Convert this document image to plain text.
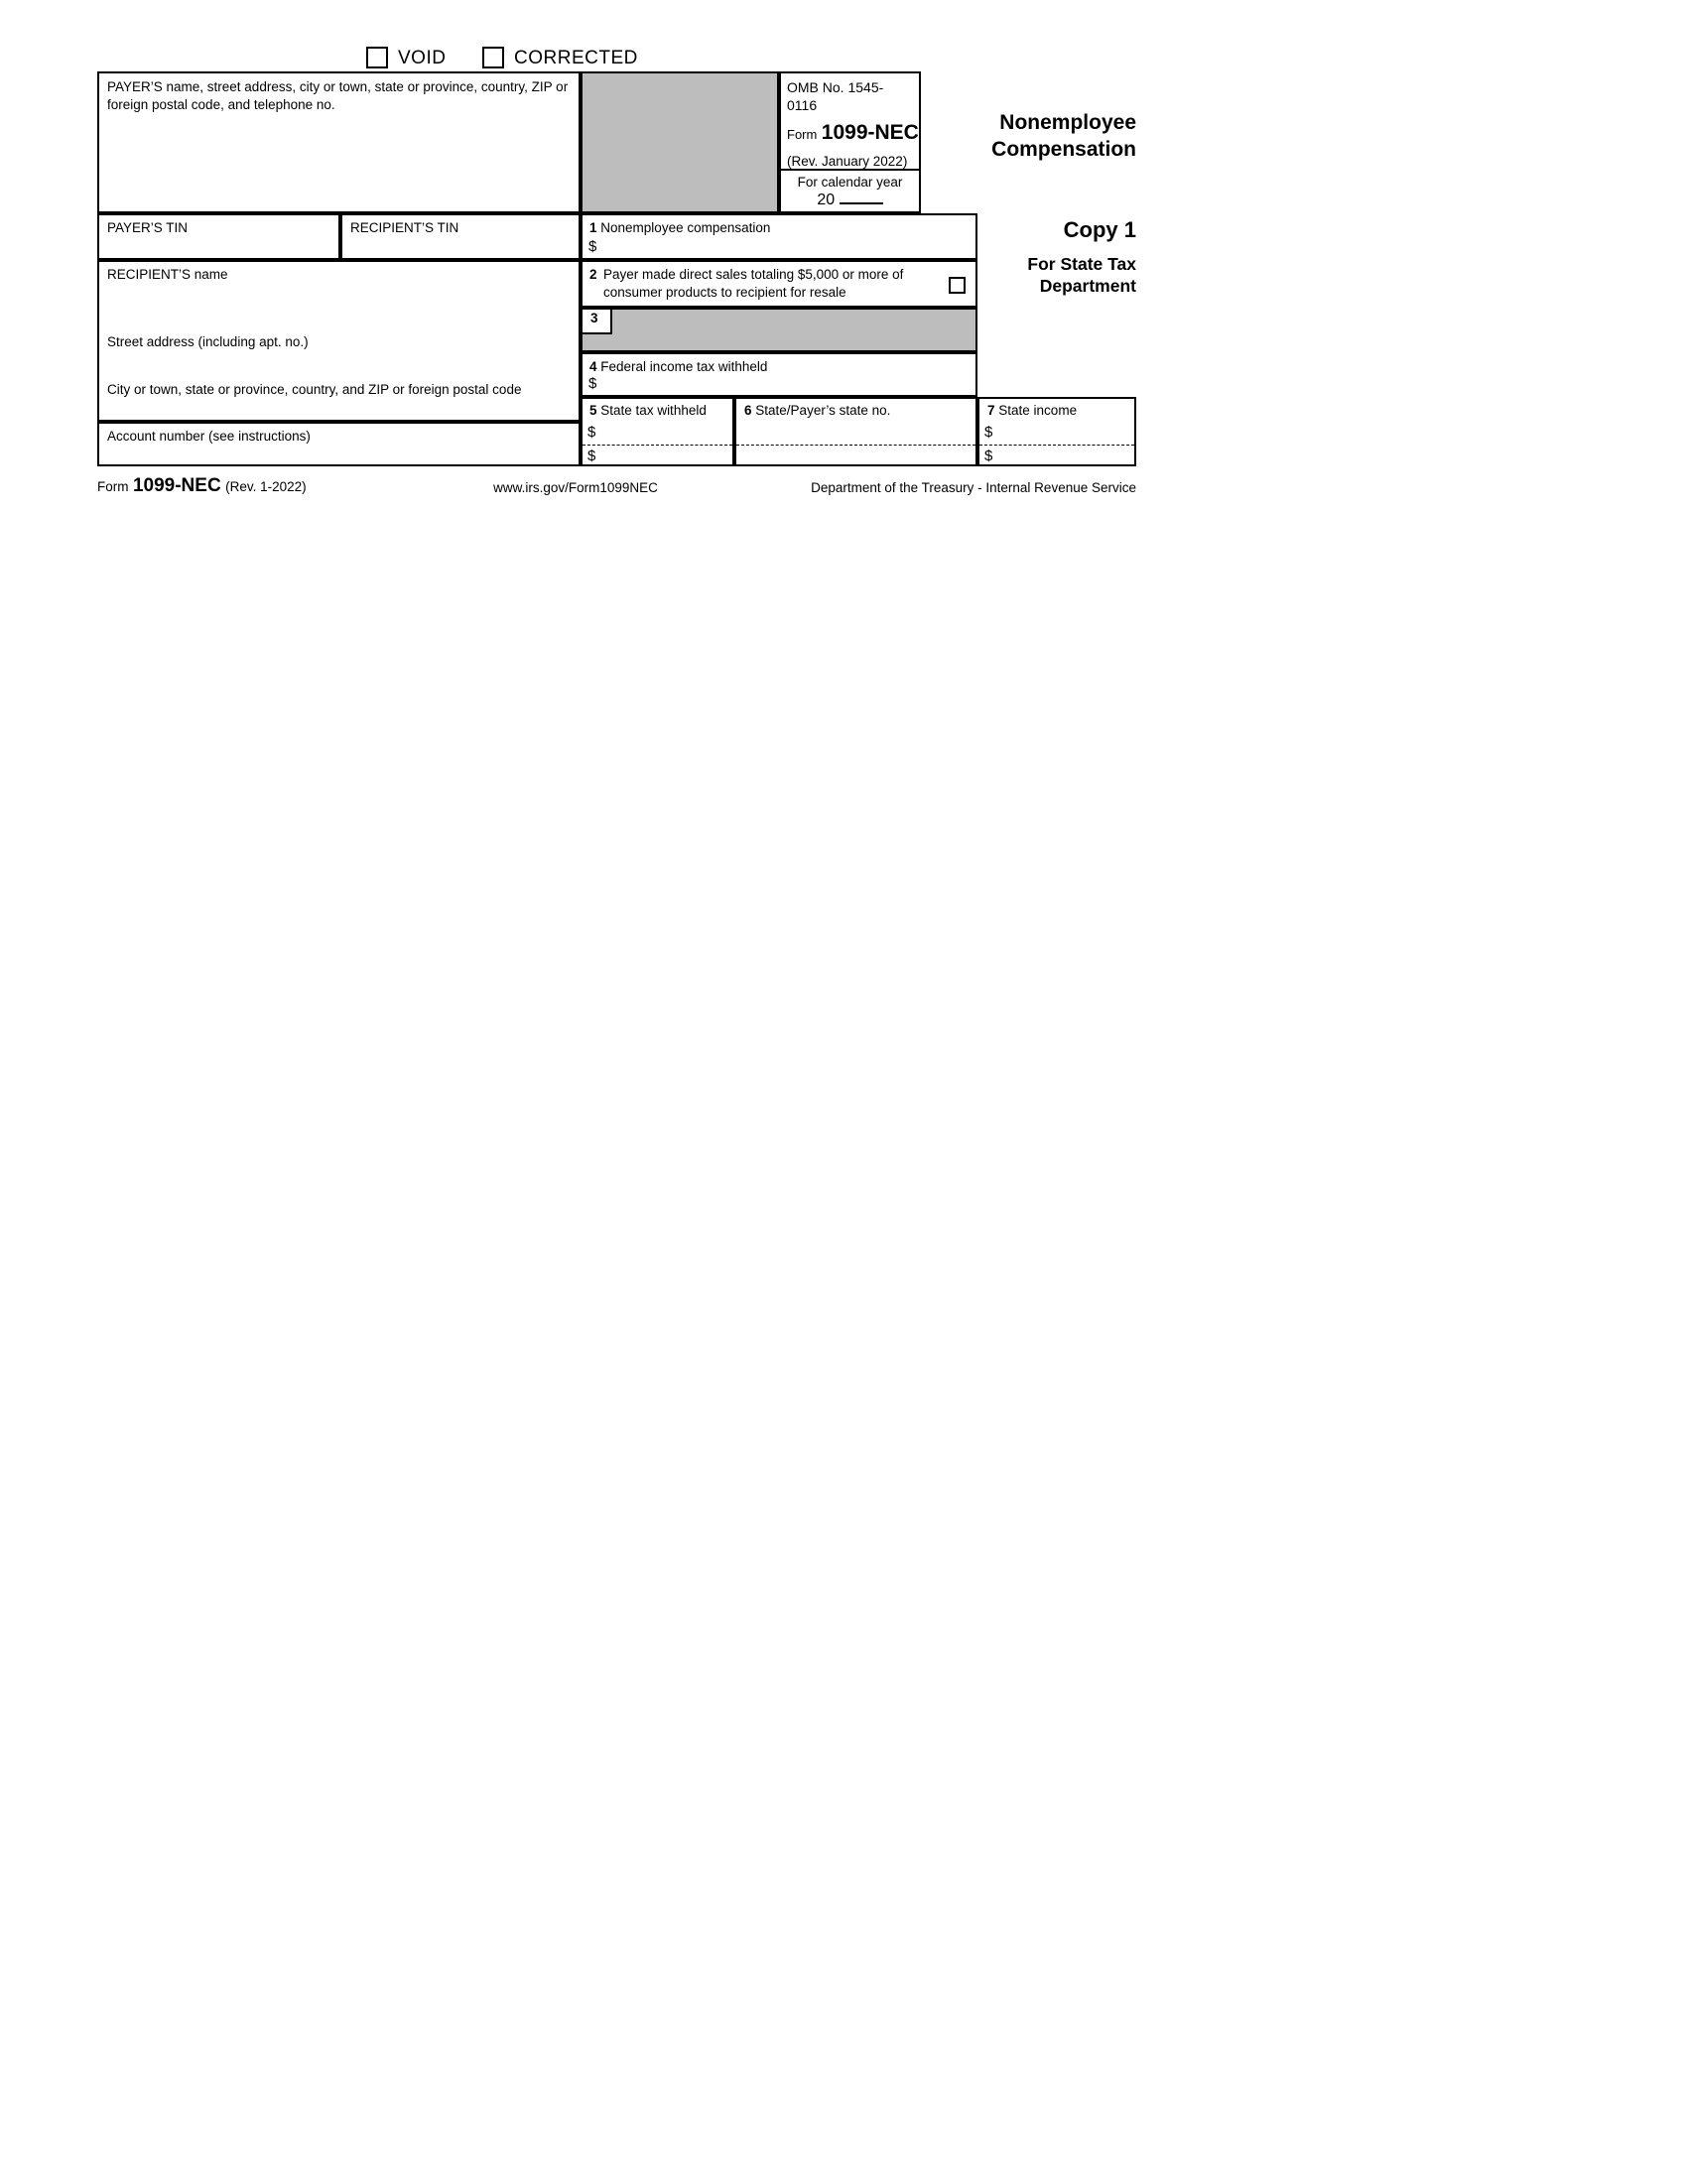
VOID	CORRECTED
PAYER’S name, street address, city or town, state or province, country, ZIP or foreign postal code, and telephone no.
OMB No. 1545-0116
Form 1099-NEC
(Rev. January 2022)
For calendar year
20
Nonemployee
Compensation
PAYER’S TIN	RECIPIENT’S TIN	1 Nonemployee compensation
$
RECIPIENT’S name
Street address (including apt. no.)
City or town, state or province, country, and ZIP or foreign postal code
2 Payer made direct sales totaling $5,000 or more of consumer products to recipient for resale
3
4 Federal income tax withheld
$
Account number (see instructions)
5 State tax withheld
$
$
6 State/Payer’s state no.	7 State income
$
$
Copy 1
For State Tax
Department
Form 1099-NEC (Rev. 1-2022)	www.irs.gov/Form1099NEC	Department of the Treasury - Internal Revenue Service
